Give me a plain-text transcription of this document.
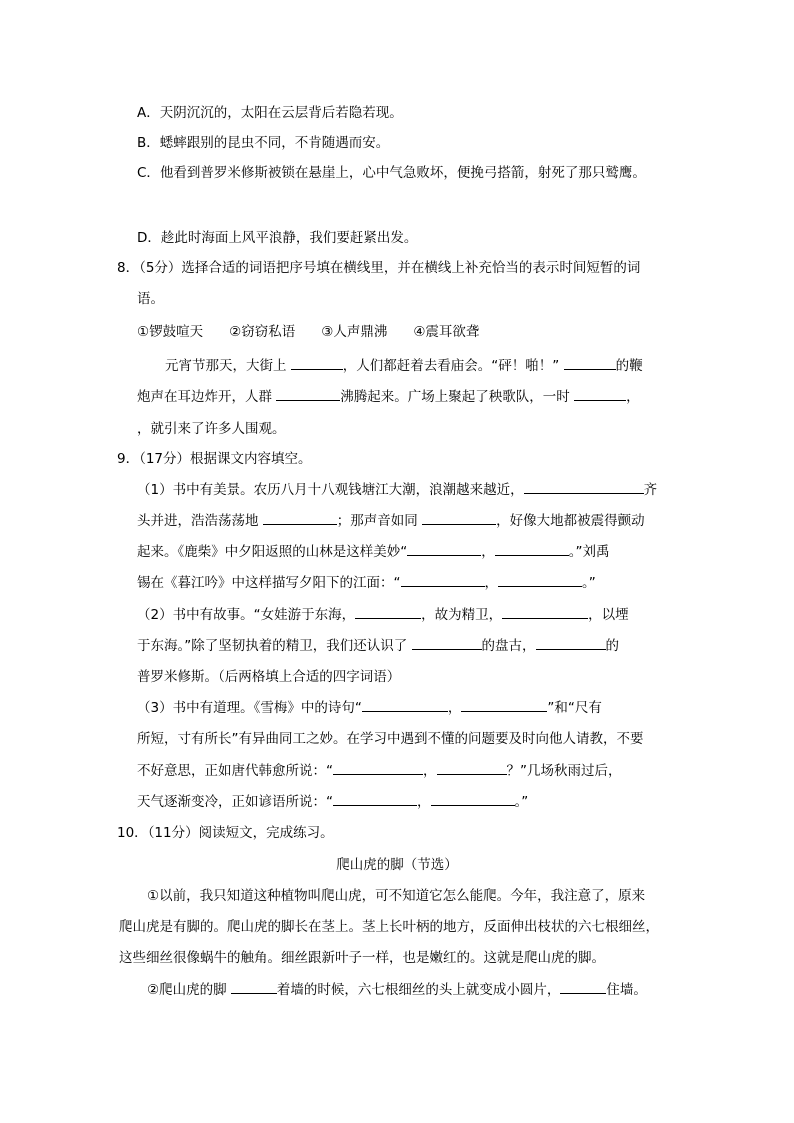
A．天阴沉沉的，太阳在云层背后若隐若现。
B．蟋蟀跟别的昆虫不同，不肯随遇而安。
C．他看到普罗米修斯被锁在悬崖上，心中气急败坏，便挽弓搭箭，射死了那只鹫鹰。
D．趁此时海面上风平浪静，我们要赶紧出发。
8．（5分）选择合适的词语把序号填在横线里，并在横线上补充恰当的表示时间短暂的词
语。
①锣鼓喧天 ②窃窃私语 ③人声鼎沸 ④震耳欲聋
元宵节那天，大街上	，人们都赶着去看庙会。“砰！啪！”	的鞭
炮声在耳边炸开，人群	沸腾起来。广场上聚起了秧歌队，一时	，
，就引来了许多人围观。
9．（17分）根据课文内容填空。
（1）书中有美景。农历八月十八观钱塘江大潮，浪潮越来越近，	齐
头并进，浩浩荡荡地	；那声音如同	，好像大地都被震得颤动
起来。《鹿柴》中夕阳返照的山林是这样美妙“	，	。”刘禹
锡在《暮江吟》中这样描写夕阳下的江面：“	，	。”
（2）书中有故事。“女娃游于东海，	，故为精卫，	，以堙
于东海。”除了坚韧执着的精卫，我们还认识了	的盘古，	的
普罗米修斯。（后两格填上合适的四字词语）
（3）书中有道理。《雪梅》中的诗句“	，	”和“尺有
所短，寸有所长”有异曲同工之妙。在学习中遇到不懂的问题要及时向他人请教，不要
不好意思，正如唐代韩愈所说：“	，	？”几场秋雨过后，
天气逐渐变冷，正如谚语所说：“	，	。”
10．（11分）阅读短文，完成练习。
爬山虎的脚（节选）
①以前，我只知道这种植物叫爬山虎，可不知道它怎么能爬。今年，我注意了，原来
爬山虎是有脚的。爬山虎的脚长在茎上。茎上长叶柄的地方，反面伸出枝状的六七根细丝，
这些细丝很像蜗牛的触角。细丝跟新叶子一样，也是嫩红的。这就是爬山虎的脚。
②爬山虎的脚	着墙的时候，六七根细丝的头上就变成小圆片，	住墙。
